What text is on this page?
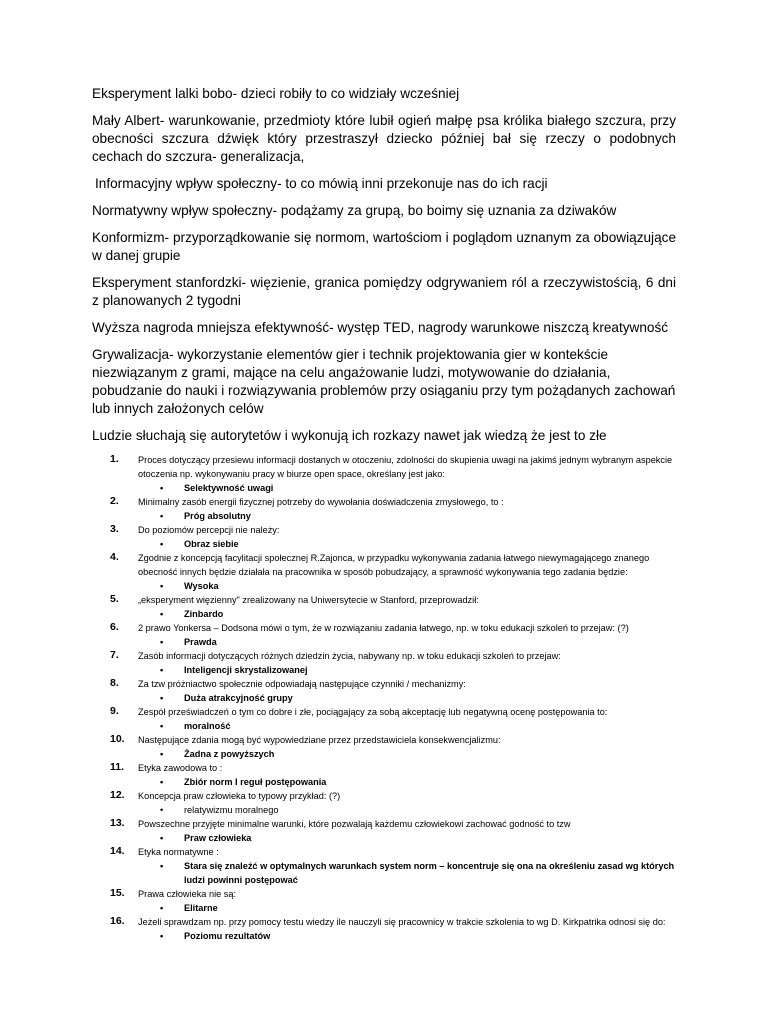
Eksperyment lalki bobo- dzieci robiły to co widziały wcześniej

Mały Albert- warunkowanie, przedmioty które lubił ogień małpę psa królika białego szczura, przy obecności szczura dźwięk który przestraszył dziecko później bał się rzeczy o podobnych cechach do szczura- generalizacja,

Informacyjny wpływ społeczny- to co mówią inni przekonuje nas do ich racji

Normatywny wpływ społeczny- podążamy za grupą, bo boimy się uznania za dziwaków

Konformizm- przyporządkowanie się normom, wartościom i poglądom uznanym za obowiązujące w danej grupie

Eksperyment stanfordzki- więzienie, granica pomiędzy odgrywaniem ról a rzeczywistością, 6 dni z planowanych 2 tygodni

Wyższa nagroda mniejsza efektywność- występ TED, nagrody warunkowe niszczą kreatywność

Grywalizacja- wykorzystanie elementów gier i technik projektowania gier w kontekście niezwiązanym z grami, mające na celu angażowanie ludzi, motywowanie do działania, pobudzanie do nauki i rozwiązywania problemów przy osiąganiu przy tym pożądanych zachowań lub innych założonych celów

Ludzie słuchają się autorytetów i wykonują ich rozkazy nawet jak wiedzą że jest to złe

1.	Proces dotyczący przesiewu informacji dostanych w otoczeniu, zdolności do skupienia uwagi na jakimś jednym wybranym aspekcie otoczenia np. wykonywaniu pracy w biurze open space, określany jest jako:
• Selektywność uwagi
2.	Minimalny zasób energii fizycznej potrzeby do wywołania doświadczenia zmysłowego, to :
• Próg absolutny
3.	Do poziomów percepcji nie należy:
• Obraz siebie
4.	Zgodnie z koncepcją facylitacji społecznej R.Zajonca, w przypadku wykonywania zadania łatwego niewymagającego znanego obecność innych będzie działała na pracownika w sposób pobudzający, a sprawność wykonywania tego zadania będzie:
• Wysoka
5.	„eksperyment więzienny" zrealizowany na Uniwersytecie w Stanford, przeprowadził:
• Zinbardo
6.	2 prawo Yonkersa – Dodsona mówi o tym, że w rozwiązaniu zadania łatwego, np. w toku edukacji szkoleń to przejaw: (?)
• Prawda
7.	Zasób informacji dotyczących różnych dziedzin życia, nabywany np. w toku edukacji szkoleń to przejaw:
• Inteligencji skrystalizowanej
8.	Za tzw próżniactwo społecznie odpowiadają następujące czynniki / mechanizmy:
• Duża atrakcyjność grupy
9.	Zespół przeświadczeń o tym co dobre i złe, pociągający za sobą akceptację lub negatywną ocenę postępowania to:
• moralność
10.	Następujące zdania mogą być wypowiedziane przez przedstawiciela konsekwencjalizmu:
• Żadna z powyższych
11.	Etyka zawodowa to :
• Zbiór norm I reguł postępowania
12.	Koncepcja praw człowieka to typowy przykład: (?)
• relatywizmu moralnego
13.	Powszechne przyjęte minimalne warunki, które pozwalają każdemu człowiekowi zachować godność to tzw
• Praw człowieka
14.	Etyka normatywne :
• Stara się znaleźć w optymalnych warunkach system norm – koncentruje się ona na określeniu zasad wg których ludzi powinni postępować
15.	Prawa człowieka nie są:
• Elitarne
16.	Jeżeli sprawdzam np. przy pomocy testu wiedzy ile nauczyli się pracownicy w trakcie szkolenia to wg D. Kirkpatrika odnosi się do:
• Poziomu rezultatów
